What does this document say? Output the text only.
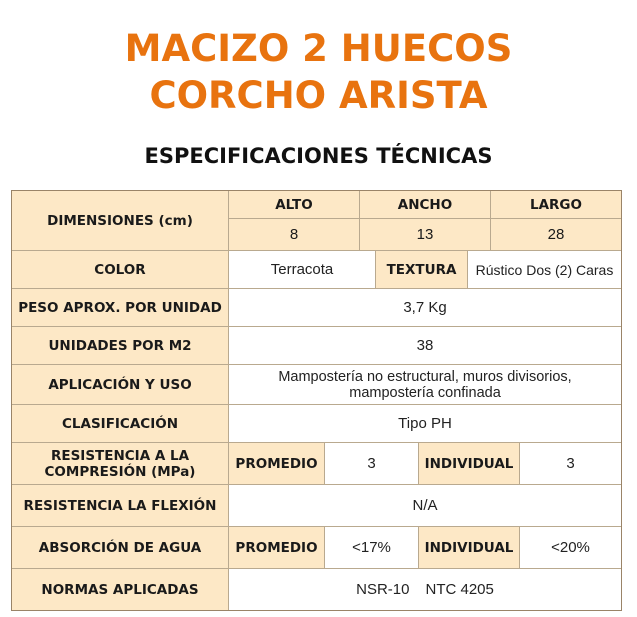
MACIZO 2 HUECOS
CORCHO ARISTA
ESPECIFICACIONES TÉCNICAS
DIMENSIONES (cm)
ALTO	ANCHO	LARGO
8	13	28
COLOR	Terracota	TEXTURA	Rústico Dos (2) Caras
PESO APROX. POR UNIDAD	3,7 Kg
UNIDADES POR M2	38
APLICACIÓN Y USO	Mampostería no estructural, muros divisorios,
mampostería confinada
CLASIFICACIÓN	Tipo PH
RESISTENCIA A LA
COMPRESIÓN (MPa)	PROMEDIO	3	INDIVIDUAL	3
RESISTENCIA LA FLEXIÓN	N/A
ABSORCIÓN DE AGUA	PROMEDIO	<17%	INDIVIDUAL	<20%
NORMAS APLICADAS	NSR-10 NTC 4205
